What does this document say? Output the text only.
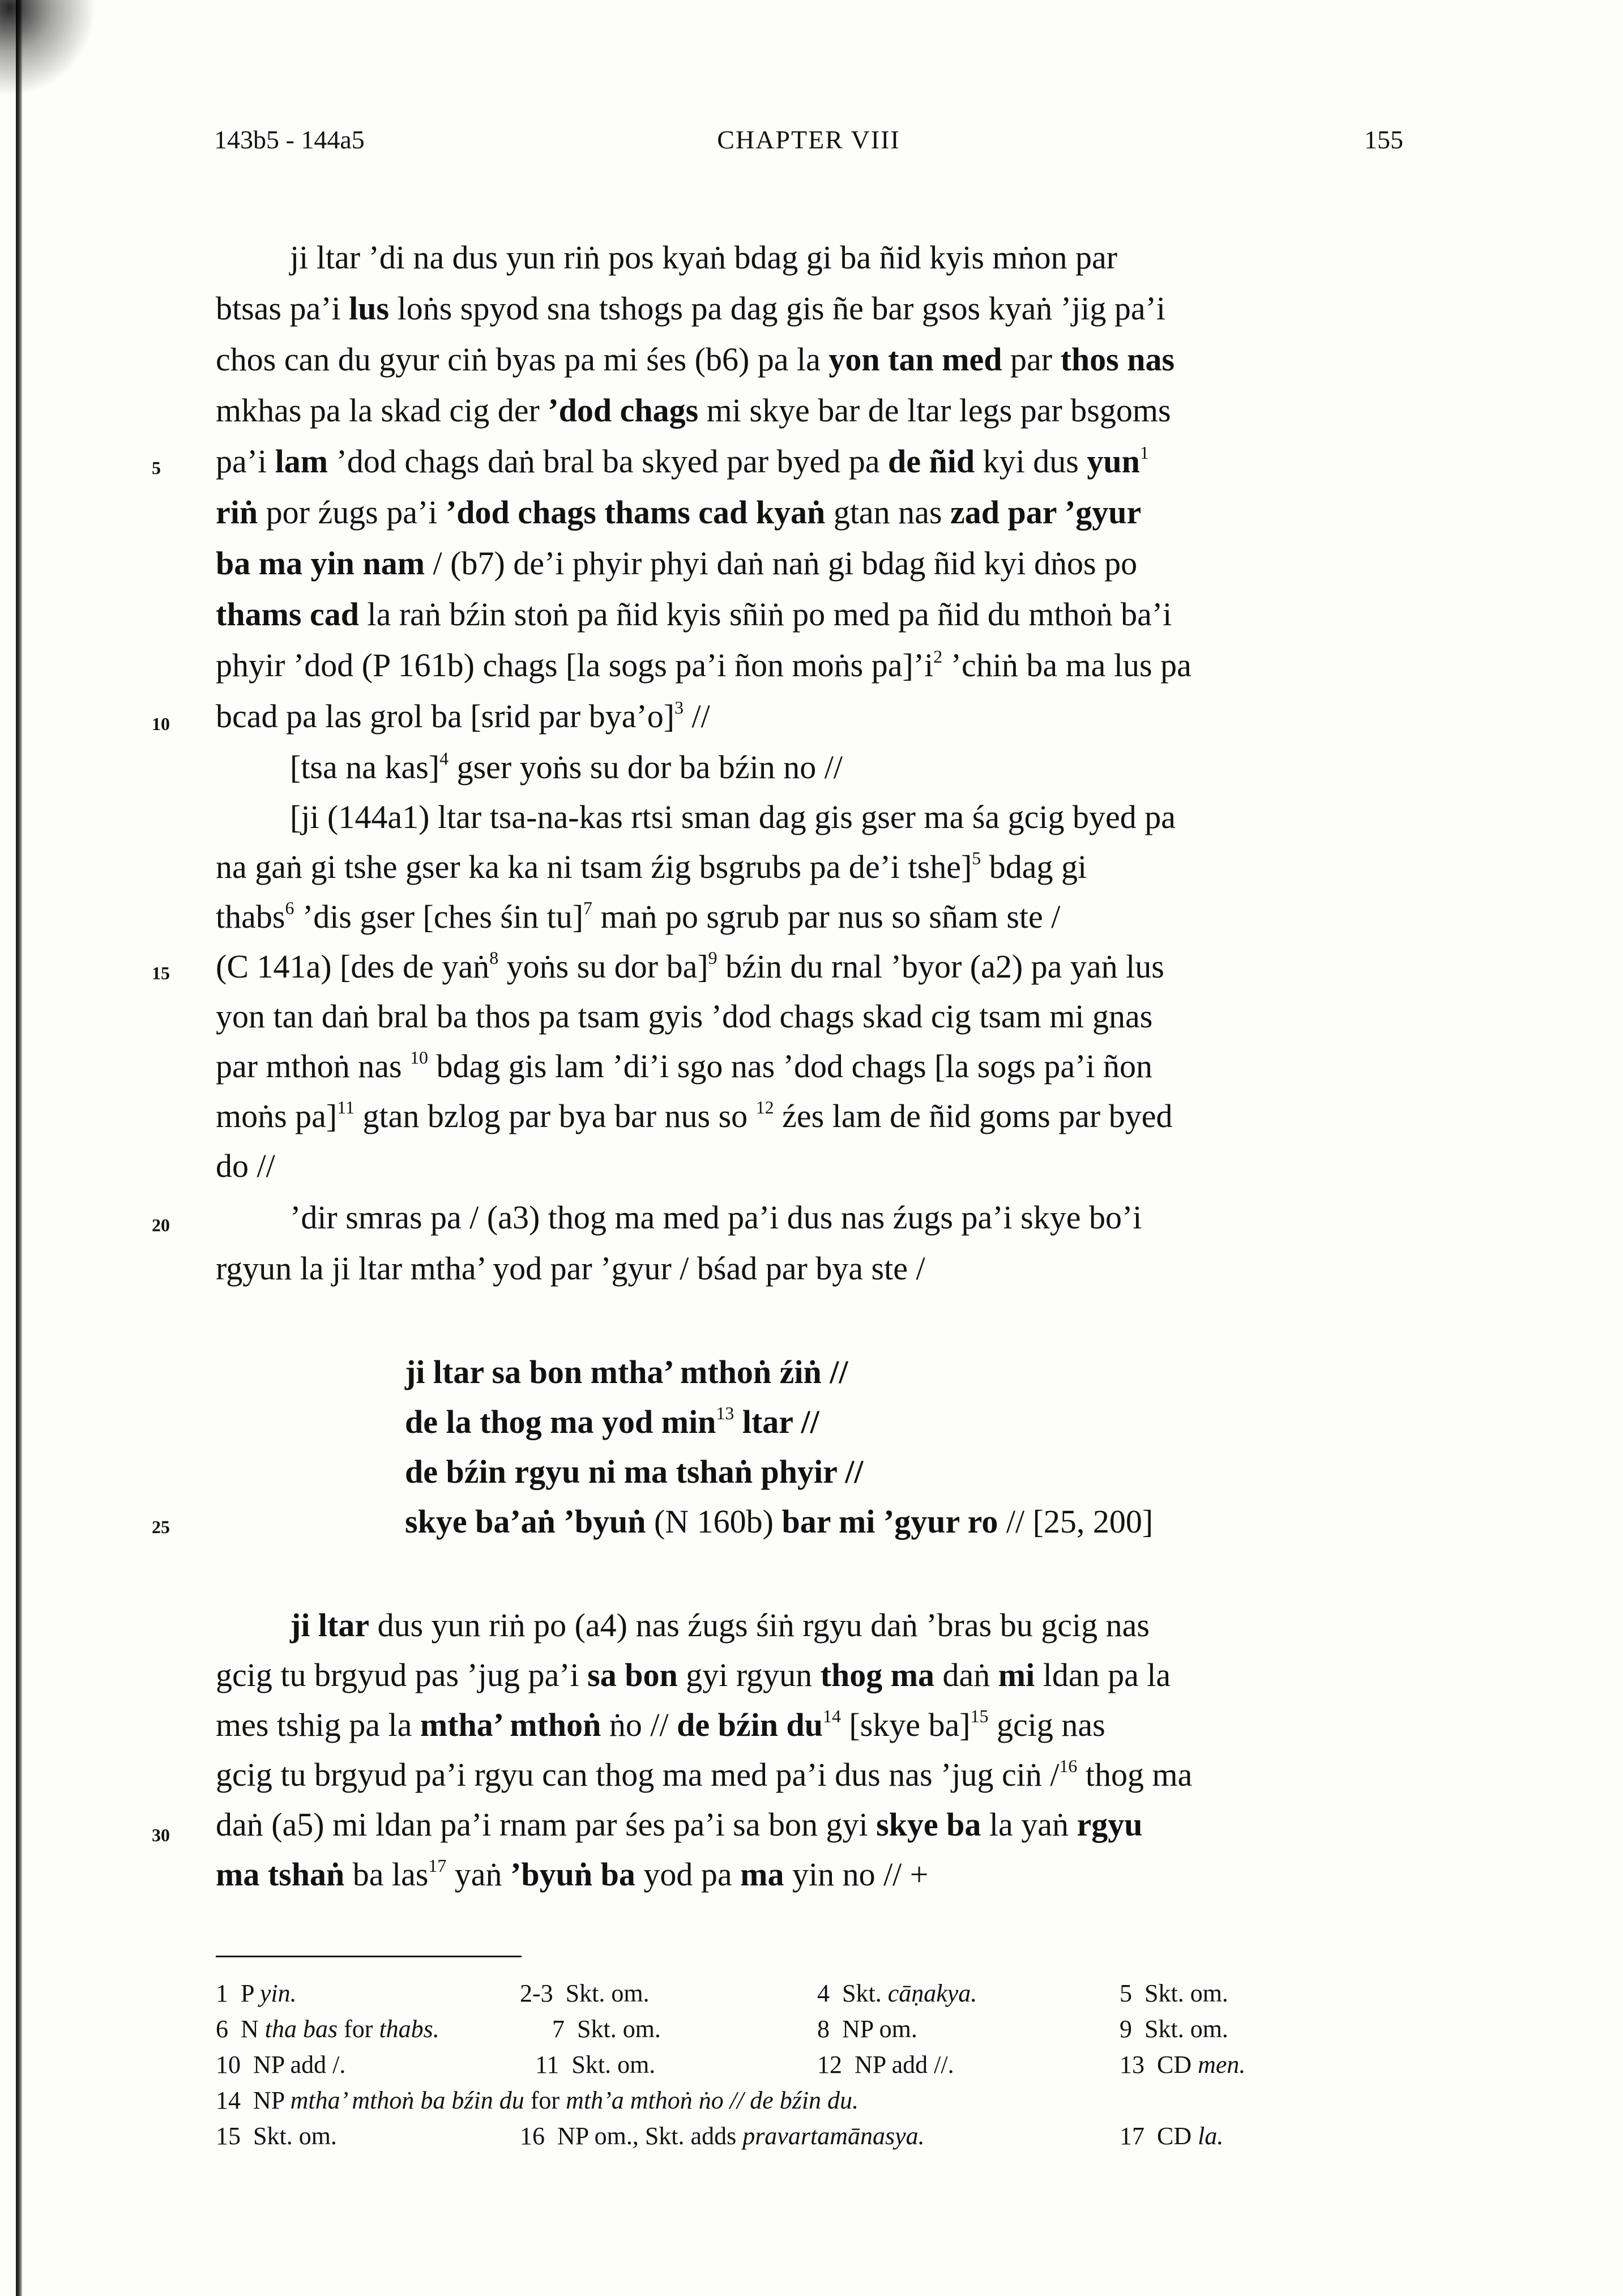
143b5 - 144a5	CHAPTER VIII	155
5
10
15
20
25
30
ji ltar ’di na dus yun riṅ pos kyaṅ bdag gi ba ñid kyis mṅon par
btsas pa’i lus loṅs spyod sna tshogs pa dag gis ñe bar gsos kyaṅ ’jig pa’i
chos can du gyur ciṅ byas pa mi śes (b6) pa la yon tan med par thos nas
mkhas pa la skad cig der ’dod chags mi skye bar de ltar legs par bsgoms
pa’i lam ’dod chags daṅ bral ba skyed par byed pa de ñid kyi dus yun$^1$
riṅ por źugs pa’i ’dod chags thams cad kyaṅ gtan nas zad par ’gyur
ba ma yin nam / (b7) de’i phyir phyi daṅ naṅ gi bdag ñid kyi dṅos po
thams cad la raṅ bźin stoṅ pa ñid kyis sñiṅ po med pa ñid du mthoṅ ba’i
phyir ’dod (P 161b) chags [la sogs pa’i ñon moṅs $pa]’i^2$ ’chiṅ ba ma lus pa
bcad pa las grol ba [srid par bya’o]$^3$ //
[tsa na kas]$^4$ gser yoṅs su dor ba bźin no //
[ji (144a1) ltar tsa-na-kas rtsi sman dag gis gser ma śa gcig byed pa
na gaṅ gi tshe gser ka ka ni tsam źig bsgrubs pa de’i tshe]$^5$ bdag gi
thabs$^6$ ’dis gser [ches śin tu]$^7$ maṅ po sgrub par nus so sñam ste /
(C 141a) [des de yaṅ$^8$ yoṅs su dor ba]$^9$ bźin du rnal ’byor (a2) pa yaṅ lus
yon tan daṅ bral ba thos pa tsam gyis ’dod chags skad cig tsam mi gnas
par mthoṅ nas $^{10}$ bdag gis lam ’di’i sgo nas ’dod chags [la sogs pa’i ñon
moṅs pa]$^{11}$ gtan bzlog par bya bar nus so $^{12}$ źes lam de ñid goms par byed
do //
’dir smras pa / (a3) thog ma med pa’i dus nas źugs pa’i skye bo’i
rgyun la ji ltar mtha’ yod par ’gyur / bśad par bya ste /
ji ltar sa bon mtha’ mthoṅ źiṅ //
de la thog ma yod $\min^{13}$ ltar //
de bźin rgyu ni ma tshaṅ phyir //
skye ba’aṅ ’byuṅ (N 160b) bar mi ’gyur ro // [25, 200]
ji ltar dus yun riṅ po (a4) nas źugs śiṅ rgyu daṅ ’bras bu gcig nas
gcig tu brgyud pas ’jug pa’i sa bon gyi rgyun thog ma daṅ mi ldan pa la
mes tshig pa la mtha’ mthoṅ ṅo // de bźin $du^{14}$ [skye ba]$^{15}$ gcig nas
gcig tu brgyud pa’i rgyu can thog ma med pa’i dus nas ’jug ciṅ /$^{16}$ thog ma
daṅ (a5) mi ldan pa’i rnam par śes pa’i sa bon gyi skye ba la yaṅ rgyu
ma tshaṅ ba las$^{17}$ yaṅ ’byuṅ ba yod pa ma yin no // +
1 P yin.	2-3 Skt. om.	4 Skt. cāṇakya.	5 Skt. om.
6 N tha bas for thabs.	7 Skt. om.	8 NP om.	9 Skt. om.
10 NP add /.	11 Skt. om.	12 NP add //.	13 CD men.
14 NP mtha’ mthoṅ ba bźin du for mth’a mthoṅ ṅo // de bźin du.
15 Skt. om.	16 NP om., Skt. adds pravartamānasya.	17 CD la.
